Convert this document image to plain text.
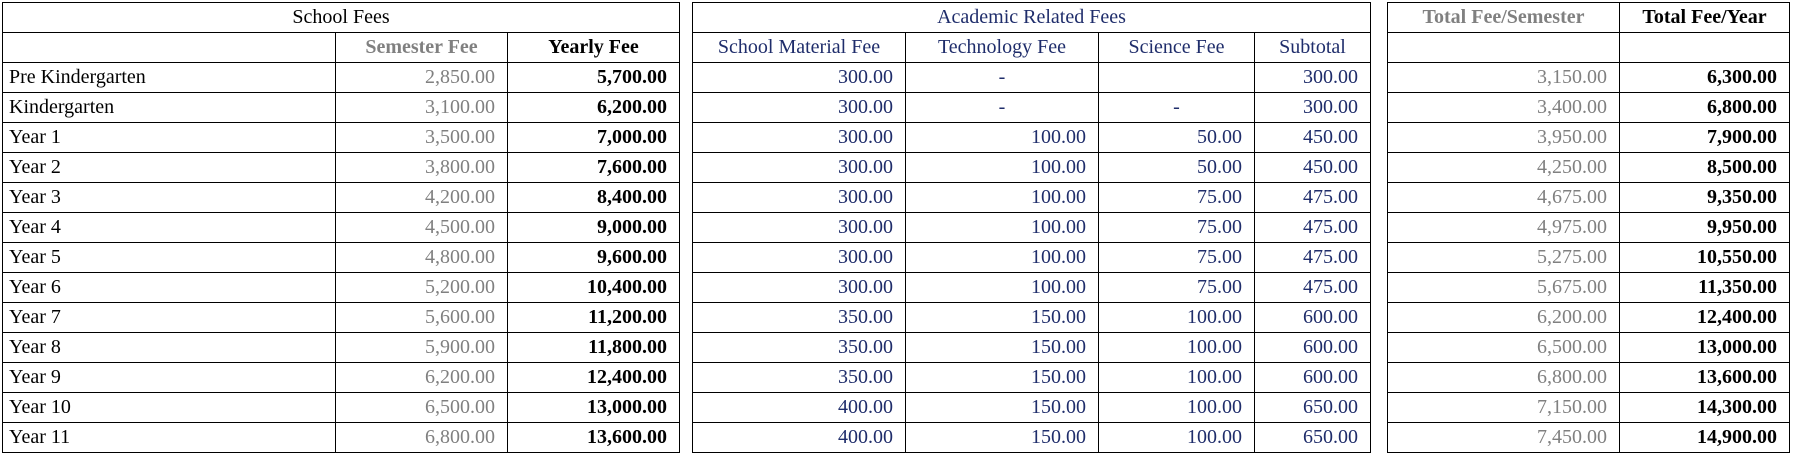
School Fees		
	Semester Fee	Yearly Fee
Pre Kindergarten	2,850.00	5,700.00
Kindergarten	3,100.00	6,200.00
Year 1	3,500.00	7,000.00
Year 2	3,800.00	7,600.00
Year 3	4,200.00	8,400.00
Year 4	4,500.00	9,000.00
Year 5	4,800.00	9,600.00
Year 6	5,200.00	10,400.00
Year 7	5,600.00	11,200.00
Year 8	5,900.00	11,800.00
Year 9	6,200.00	12,400.00
Year 10	6,500.00	13,000.00
Year 11	6,800.00	13,600.00
Academic Related Fees			
School Material Fee	Technology Fee	Science Fee	Subtotal
300.00	-		300.00
300.00	-	-	300.00
300.00	100.00	50.00	450.00
300.00	100.00	50.00	450.00
300.00	100.00	75.00	475.00
300.00	100.00	75.00	475.00
300.00	100.00	75.00	475.00
300.00	100.00	75.00	475.00
350.00	150.00	100.00	600.00
350.00	150.00	100.00	600.00
350.00	150.00	100.00	600.00
400.00	150.00	100.00	650.00
400.00	150.00	100.00	650.00
Total Fee/Semester	Total Fee/Year

3,150.00	6,300.00
3,400.00	6,800.00
3,950.00	7,900.00
4,250.00	8,500.00
4,675.00	9,350.00
4,975.00	9,950.00
5,275.00	10,550.00
5,675.00	11,350.00
6,200.00	12,400.00
6,500.00	13,000.00
6,800.00	13,600.00
7,150.00	14,300.00
7,450.00	14,900.00
